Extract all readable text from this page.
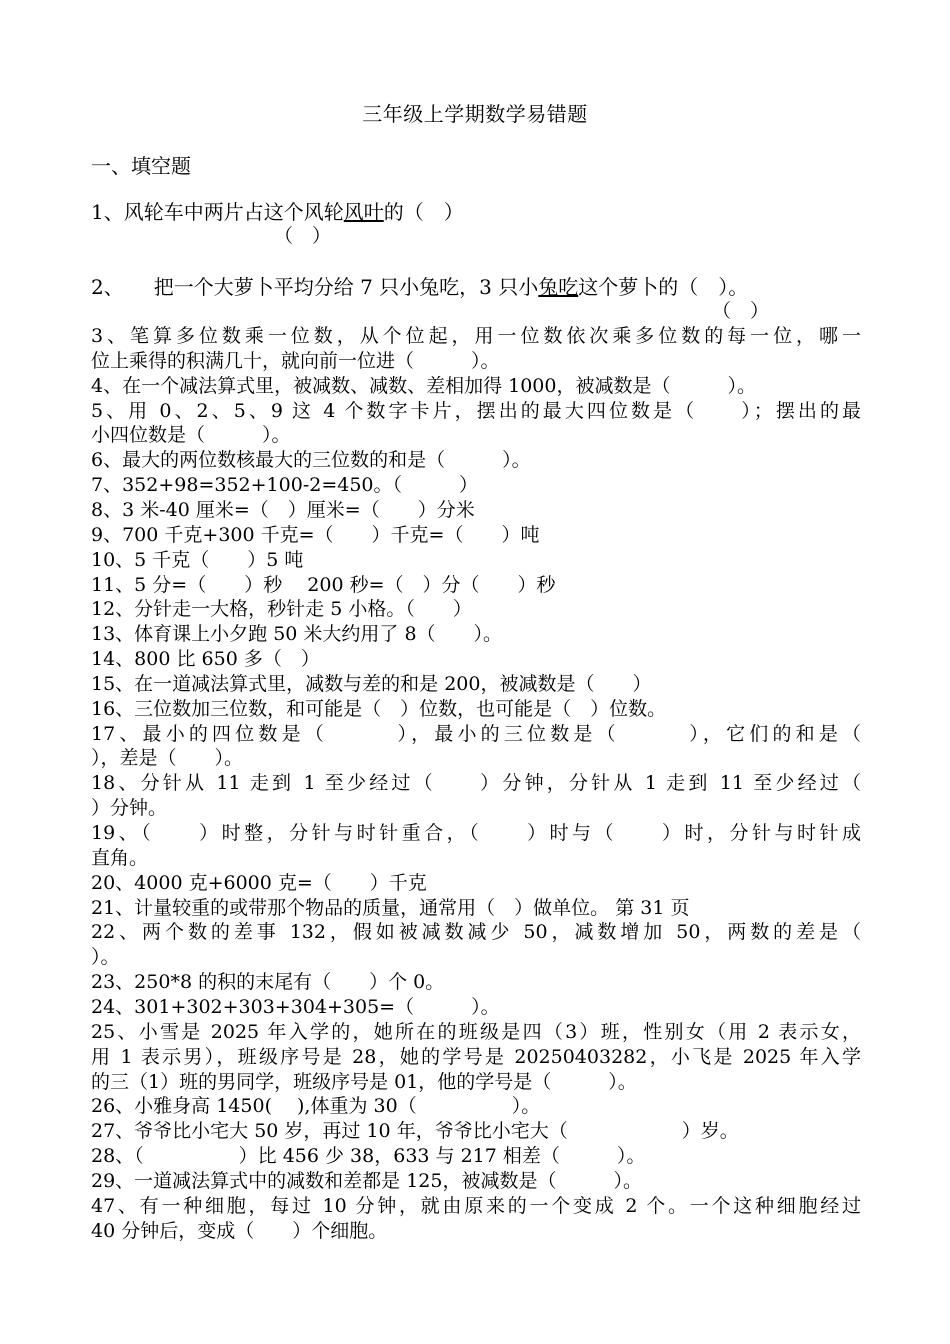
三年级上学期数学易错题
一、填空题
1、风轮车中两片占这个风轮风叶的（　）
（　）
2、　　把一个大萝卜平均分给 7 只小兔吃，3 只小兔吃这个萝卜的（　）。
（　）
3、笔算多位数乘一位数，从个位起，用一位数依次乘多位数的每一位，哪一
位上乘得的积满几十，就向前一位进（　　　）。
4、在一个减法算式里，被减数、减数、差相加得 1000，被减数是（　　　）。
5、用 0、2、5、9 这 4 个数字卡片，摆出的最大四位数是（　　）；摆出的最
小四位数是（　　　）。
6、最大的两位数核最大的三位数的和是（　　　）。
7、352+98=352+100-2=450。（　　　）
8、3 米-40 厘米=（　）厘米=（　　）分米
9、700 千克+300 千克=（　　）千克=（　　）吨
10、5 千克（　　）5 吨
11、5 分=（　　）秒　 200 秒=（　）分（　　）秒
12、分针走一大格，秒针走 5 小格。（　　）
13、体育课上小夕跑 50 米大约用了 8（　　）。
14、800 比 650 多（　）
15、在一道减法算式里，减数与差的和是 200，被减数是（　　）
16、三位数加三位数，和可能是（　）位数，也可能是（　）位数。
17、最小的四位数是（　　　），最小的三位数是（　　　），它们的和是（
），差是（　　）。
18、分针从 11 走到 1 至少经过（　　）分钟，分针从 1 走到 11 至少经过（
）分钟。
19、（　　）时整，分针与时针重合，（　　）时与（　　）时，分针与时针成
直角。
20、4000 克+6000 克=（　　）千克
21、计量较重的或带那个物品的质量，通常用（　）做单位。 第 31 页
22、两个数的差事 132，假如被减数减少 50，减数增加 50，两数的差是（
）。
23、250*8 的积的末尾有（　　）个 0。
24、301+302+303+304+305=（　　　）。
25、小雪是 2025 年入学的，她所在的班级是四（3）班，性别女（用 2 表示女，
用 1 表示男），班级序号是 28，她的学号是 20250403282，小飞是 2025 年入学
的三（1）班的男同学，班级序号是 01，他的学号是（　　　）。
26、小雅身高 1450(　 ),体重为 30（　　　　　）。
27、爷爷比小宅大 50 岁，再过 10 年，爷爷比小宅大（　　　　　　）岁。
28、（　　　　　）比 456 少 38，633 与 217 相差（　　　）。
29、一道减法算式中的减数和差都是 125，被减数是（　　　）。
47、有一种细胞，每过 10 分钟，就由原来的一个变成 2 个。一个这种细胞经过
40 分钟后，变成（　　）个细胞。
